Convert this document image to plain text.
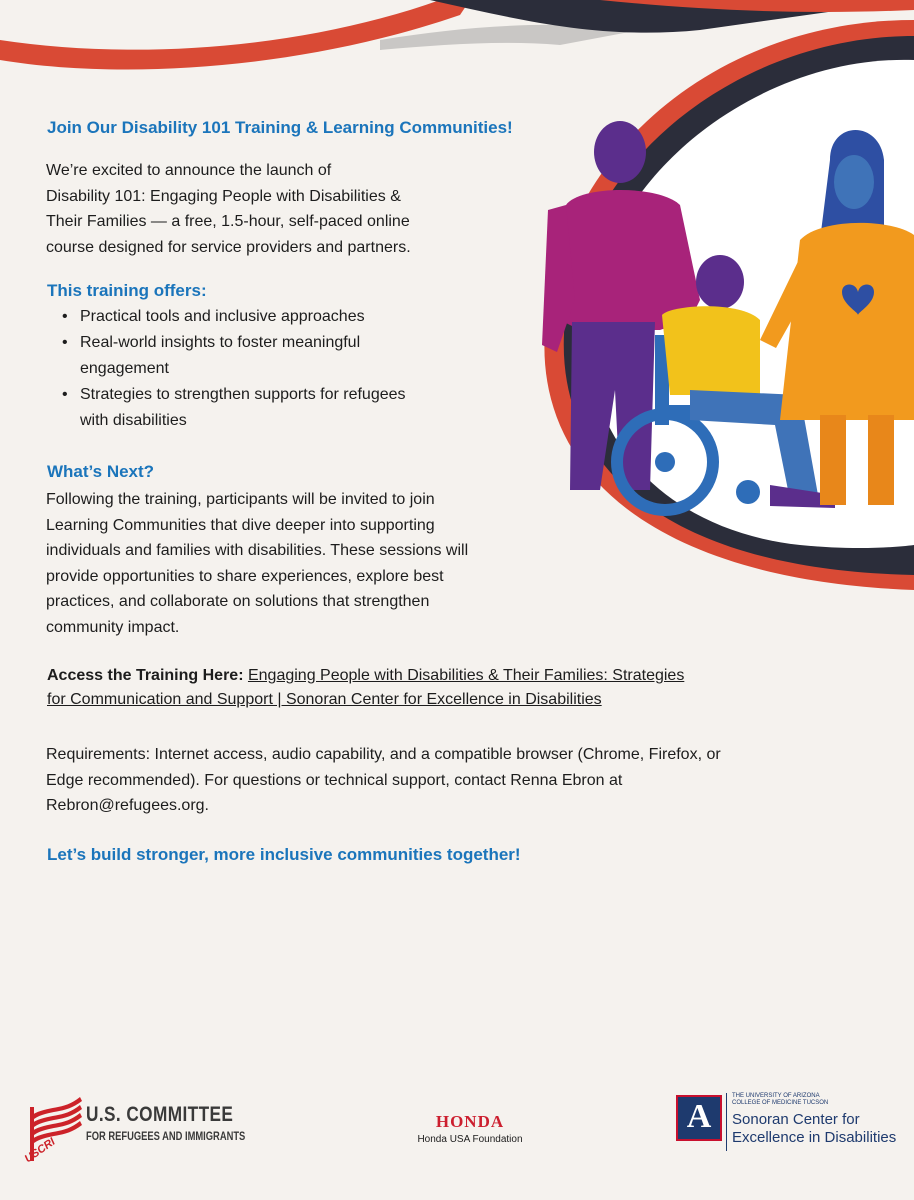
Join Our Disability 101 Training & Learning Communities!

We’re excited to announce the launch of
Disability 101: Engaging People with Disabilities &
Their Families — a free, 1.5-hour, self-paced online
course designed for service providers and partners.

This training offers:
• Practical tools and inclusive approaches
• Real-world insights to foster meaningful
engagement
• Strategies to strengthen supports for refugees
with disabilities
What’s Next?

Following the training, participants will be invited to join
Learning Communities that dive deeper into supporting
individuals and families with disabilities. These sessions will
provide opportunities to share experiences, explore best
practices, and collaborate on solutions that strengthen
community impact.

Access the Training Here: Engaging People with Disabilities & Their Families: Strategies
for Communication and Support | Sonoran Center for Excellence in Disabilities

Requirements: Internet access, audio capability, and a compatible browser (Chrome, Firefox, or
Edge recommended). For questions or technical support, contact Renna Ebron at
Rebron@refugees.org.

Let’s build stronger, more inclusive communities together!
USCRI
U.S. COMMITTEE
FOR REFUGEES AND IMMIGRANTS
HONDA
Honda USA Foundation
A
THE UNIVERSITY OF ARIZONA
COLLEGE OF MEDICINE TUCSON
Sonoran Center for
Excellence in Disabilities
